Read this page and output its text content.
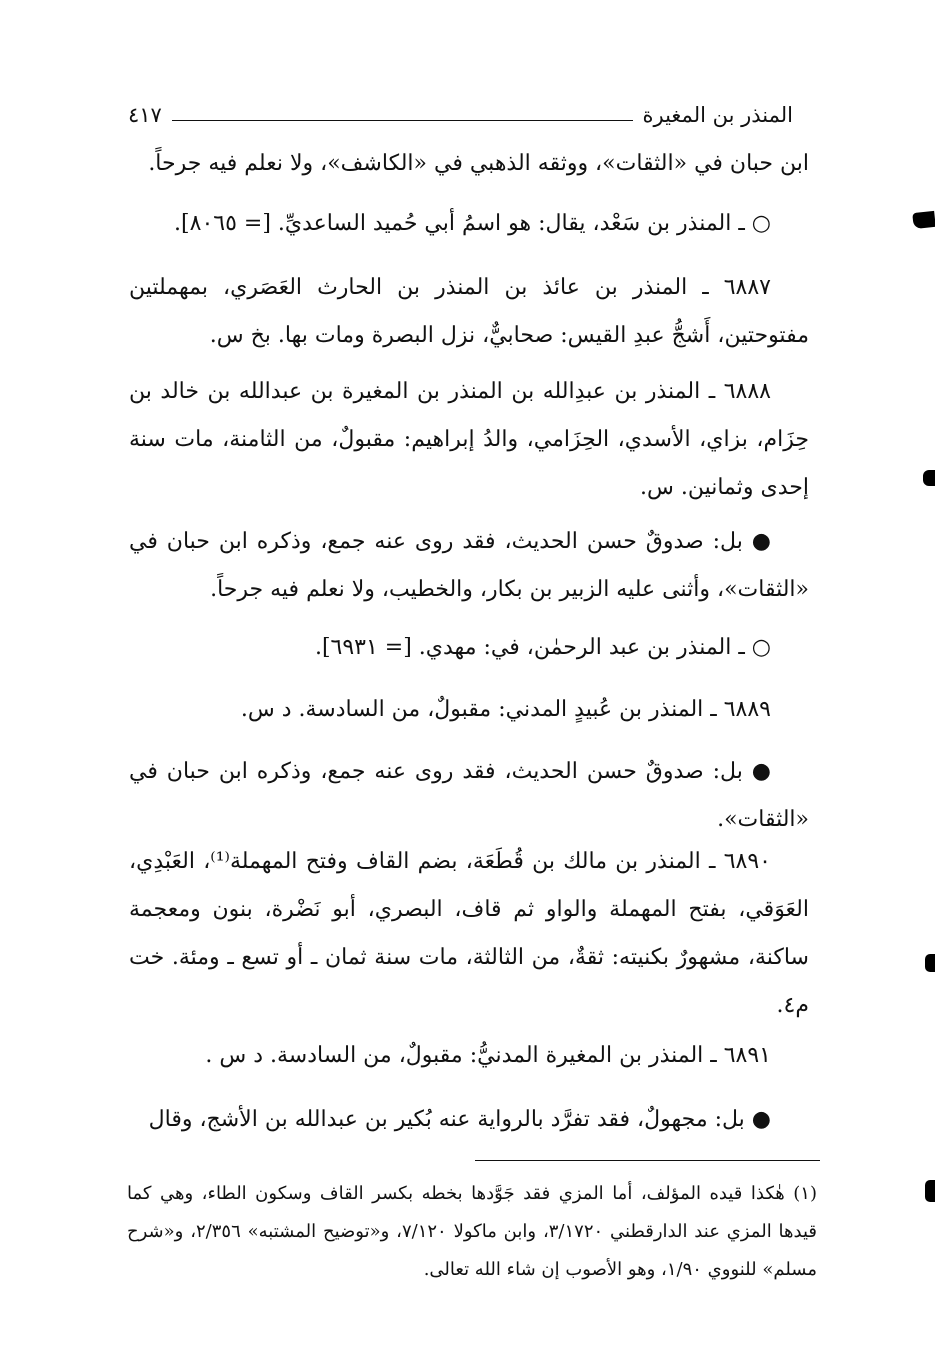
المنذر بن المغيرة
٤١٧

ابن حبان في «الثقات»، ووثقه الذهبي في «الكاشف»، ولا نعلم فيه جرحاً.

○ ـ المنذر بن سَعْد، يقال: هو اسمُ أبي حُميد الساعديِّ. [= ٨٠٦٥].

٦٨٨٧ ـ المنذر بن عائذ بن المنذر بن الحارث العَصَري، بمهملتين مفتوحتين، أَشجُّ عبدِ القيس: صحابيٌّ، نزل البصرة ومات بها. بخ س.

٦٨٨٨ ـ المنذر بن عبدِالله بن المنذر بن المغيرة بن عبدالله بن خالد بن حِزَام، بزاي، الأسدي، الحِزَامي، والدُ إبراهيم: مقبولٌ، من الثامنة، مات سنة إحدى وثمانين. س.

● بل: صدوقٌ حسن الحديث، فقد روى عنه جمع، وذكره ابن حبان في «الثقات»، وأثنى عليه الزبير بن بكار، والخطيب، ولا نعلم فيه جرحاً.

○ ـ المنذر بن عبد الرحمٰن، في: مهدي. [= ٦٩٣١].

٦٨٨٩ ـ المنذر بن عُبيدٍ المدني: مقبولٌ، من السادسة. د س.

● بل: صدوقٌ حسن الحديث، فقد روى عنه جمع، وذكره ابن حبان في «الثقات».

٦٨٩٠ ـ المنذر بن مالك بن قُطَعَة، بضم القاف وفتح المهملة⁽¹⁾، العَبْدِي، العَوَقي، بفتح المهملة والواو ثم قاف، البصري، أبو نَضْرة، بنون ومعجمة ساكنة، مشهورٌ بكنيته: ثقةٌ، من الثالثة، مات سنة ثمان ـ أو تسع ـ ومئة. خت م٤.

٦٨٩١ ـ المنذر بن المغيرة المدنيُّ: مقبولٌ، من السادسة. د س .

● بل: مجهولٌ، فقد تفرَّد بالرواية عنه بُكير بن عبدالله بن الأشج، وقال

(١) هٰكذا قيده المؤلف، أما المزي فقد جَوَّدها بخطه بكسر القاف وسكون الطاء، وهي كما قيدها المزي عند الدارقطني ٣/١٧٢٠، وابن ماكولا ٧/١٢٠، و«توضيح المشتبه» ٢/٣٥٦، و«شرح مسلم» للنووي ١/٩٠، وهو الأصوب إن شاء الله تعالى.
